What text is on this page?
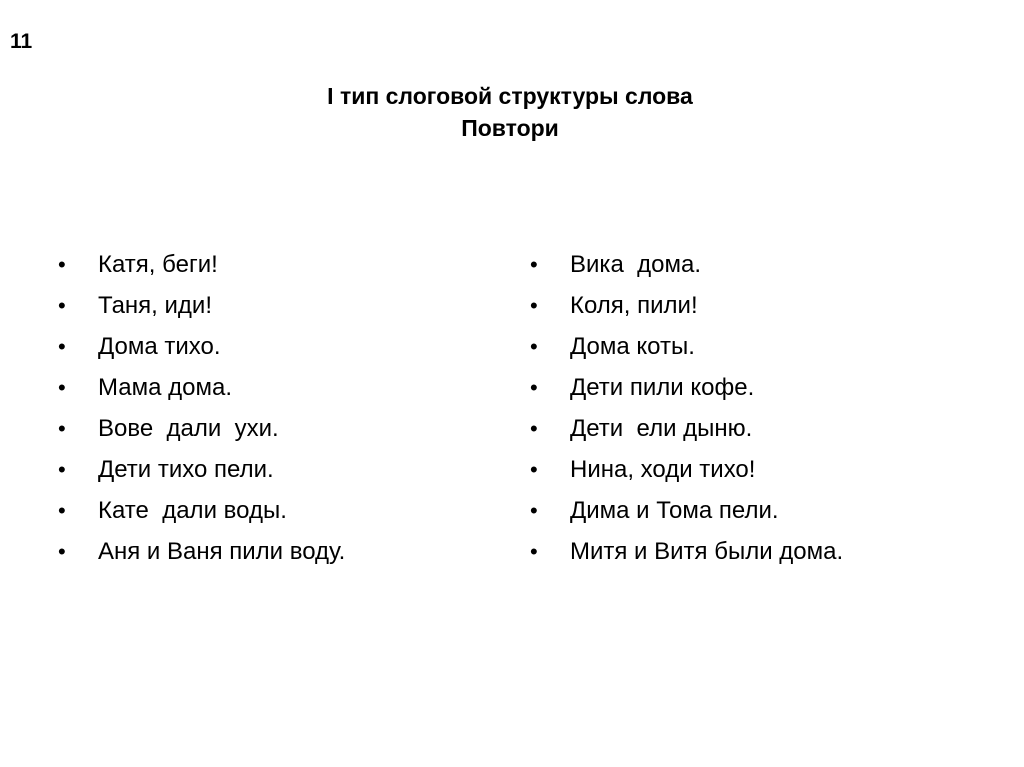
11
I тип слоговой структуры слова
Повтори
•	Катя, беги!
•	Таня, иди!
•	Дома тихо.
•	Мама дома.
•	Вове  дали  ухи.
•	Дети тихо пели.
•	Кате  дали воды.
•	Аня и Ваня пили воду.
•	Вика  дома.
•	Коля, пили!
•	Дома коты.
•	Дети пили кофе.
•	Дети  ели дыню.
•	Нина, ходи тихо!
•	Дима и Тома пели.
•	Митя и Витя были дома.
